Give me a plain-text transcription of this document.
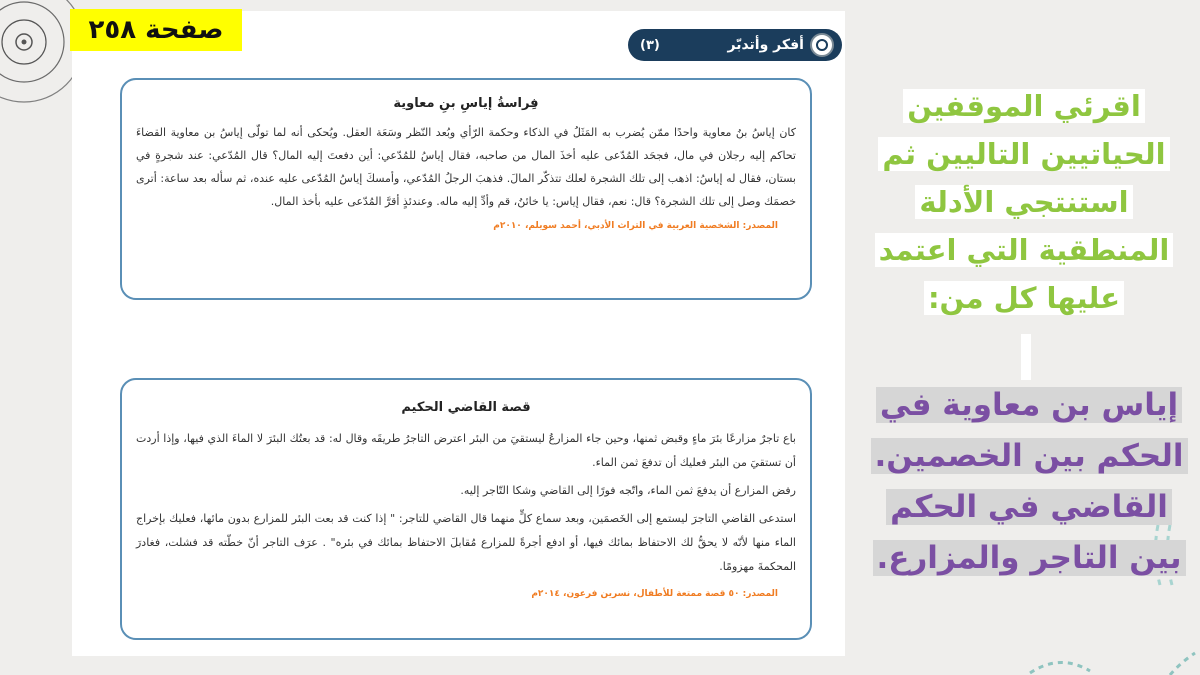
صفحة ٢٥٨	أفكر وأتدبّر
(٣)
فِراسةُ إياسِ بنِ معاوية

كان إياسُ بنُ معاوية واحدًا ممّن يُضرب به المَثَلُ في الذكاء وحكمة الرّأي وبُعد النّظر وسَعَة العقل. ويُحكى أنه لما تولّى إياسُ بن معاوية القضاءَ تحاكم إليه رجلان في مال، فجحَد المُدّعى عليه أخذَ المال من صاحبه، فقال إياسُ للمُدّعي: أين دفعتَ إليه المال؟ قال المُدّعي: عند شجرةٍ في بستان، فقال له إياسُ: اذهب إلى تلك الشجرة لعلك تتذكّر المالَ. فذهبَ الرجلُ المُدّعي، وأمسكَ إياسُ المُدّعى عليه عنده، ثم سأله بعد ساعة: أترى خصمَك وصل إلى تلك الشجرة؟ قال: نعم، فقال إياس: يا خائنُ، قم وأدِّ إليه ماله. وعندئذٍ أقرَّ المُدّعى عليه بأخذ المال.

المصدر: الشخصية العربية في التراث الأدبي، أحمد سويلم، ٢٠١٠م
قصة القاضي الحكيم

باع تاجرٌ مزارعًا بئرَ ماءٍ وقبض ثمنها، وحين جاء المزارعُ ليستقيَ من البئر اعترض التاجرُ طريقَه وقال له: قد بعتُك البئرَ لا الماءَ الذي فيها، وإذا أردت أن تستقيَ من البئر فعليك أن تدفعَ ثمن الماء.

رفض المزارع أن يدفعَ ثمن الماء، واتّجه فورًا إلى القاضي وشكا التّاجر إليه.

استدعى القاضي التاجرَ ليستمع إلى الخَصمَين، وبعد سماع كلٍّ منهما قال القاضي للتاجر: " إذا كنت قد بعت البئر للمزارع بدون مائها، فعليك بإخراج الماء منها لأنّه لا يحقُّ لك الاحتفاظ بمائك فيها، أو ادفع أجرةً للمزارع مُقابلَ الاحتفاظ بمائك في بئره" . عرَف التاجر أنّ خطّته قد فشلت، فغادرَ المحكمةَ مهزومًا.

المصدر: ٥٠ قصة ممتعة للأطفال، نسرين فرعون، ٢٠١٤م
اقرئي الموقفين الحياتيين التاليين ثم استنتجي الأدلة المنطقية التي اعتمد عليها كل من:
إياس بن معاوية في الحكم بين الخصمين.
القاضي في الحكم بين التاجر والمزارع.
